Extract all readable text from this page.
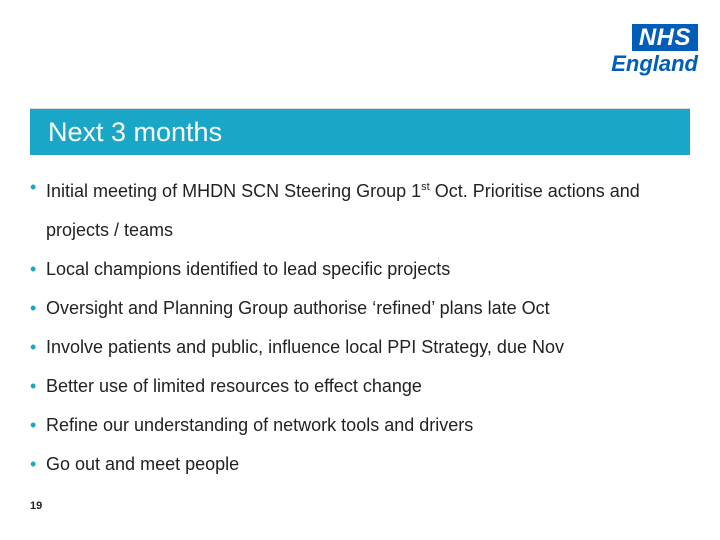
NHS
England
Next 3 months
• Initial meeting of MHDN SCN Steering Group 1st Oct. Prioritise actions and projects / teams
• Local champions identified to lead specific projects
• Oversight and Planning Group authorise ‘refined’ plans late Oct
• Involve patients and public, influence local PPI Strategy, due Nov
• Better use of limited resources to effect change
• Refine our understanding of network tools and drivers
• Go out and meet people
19
